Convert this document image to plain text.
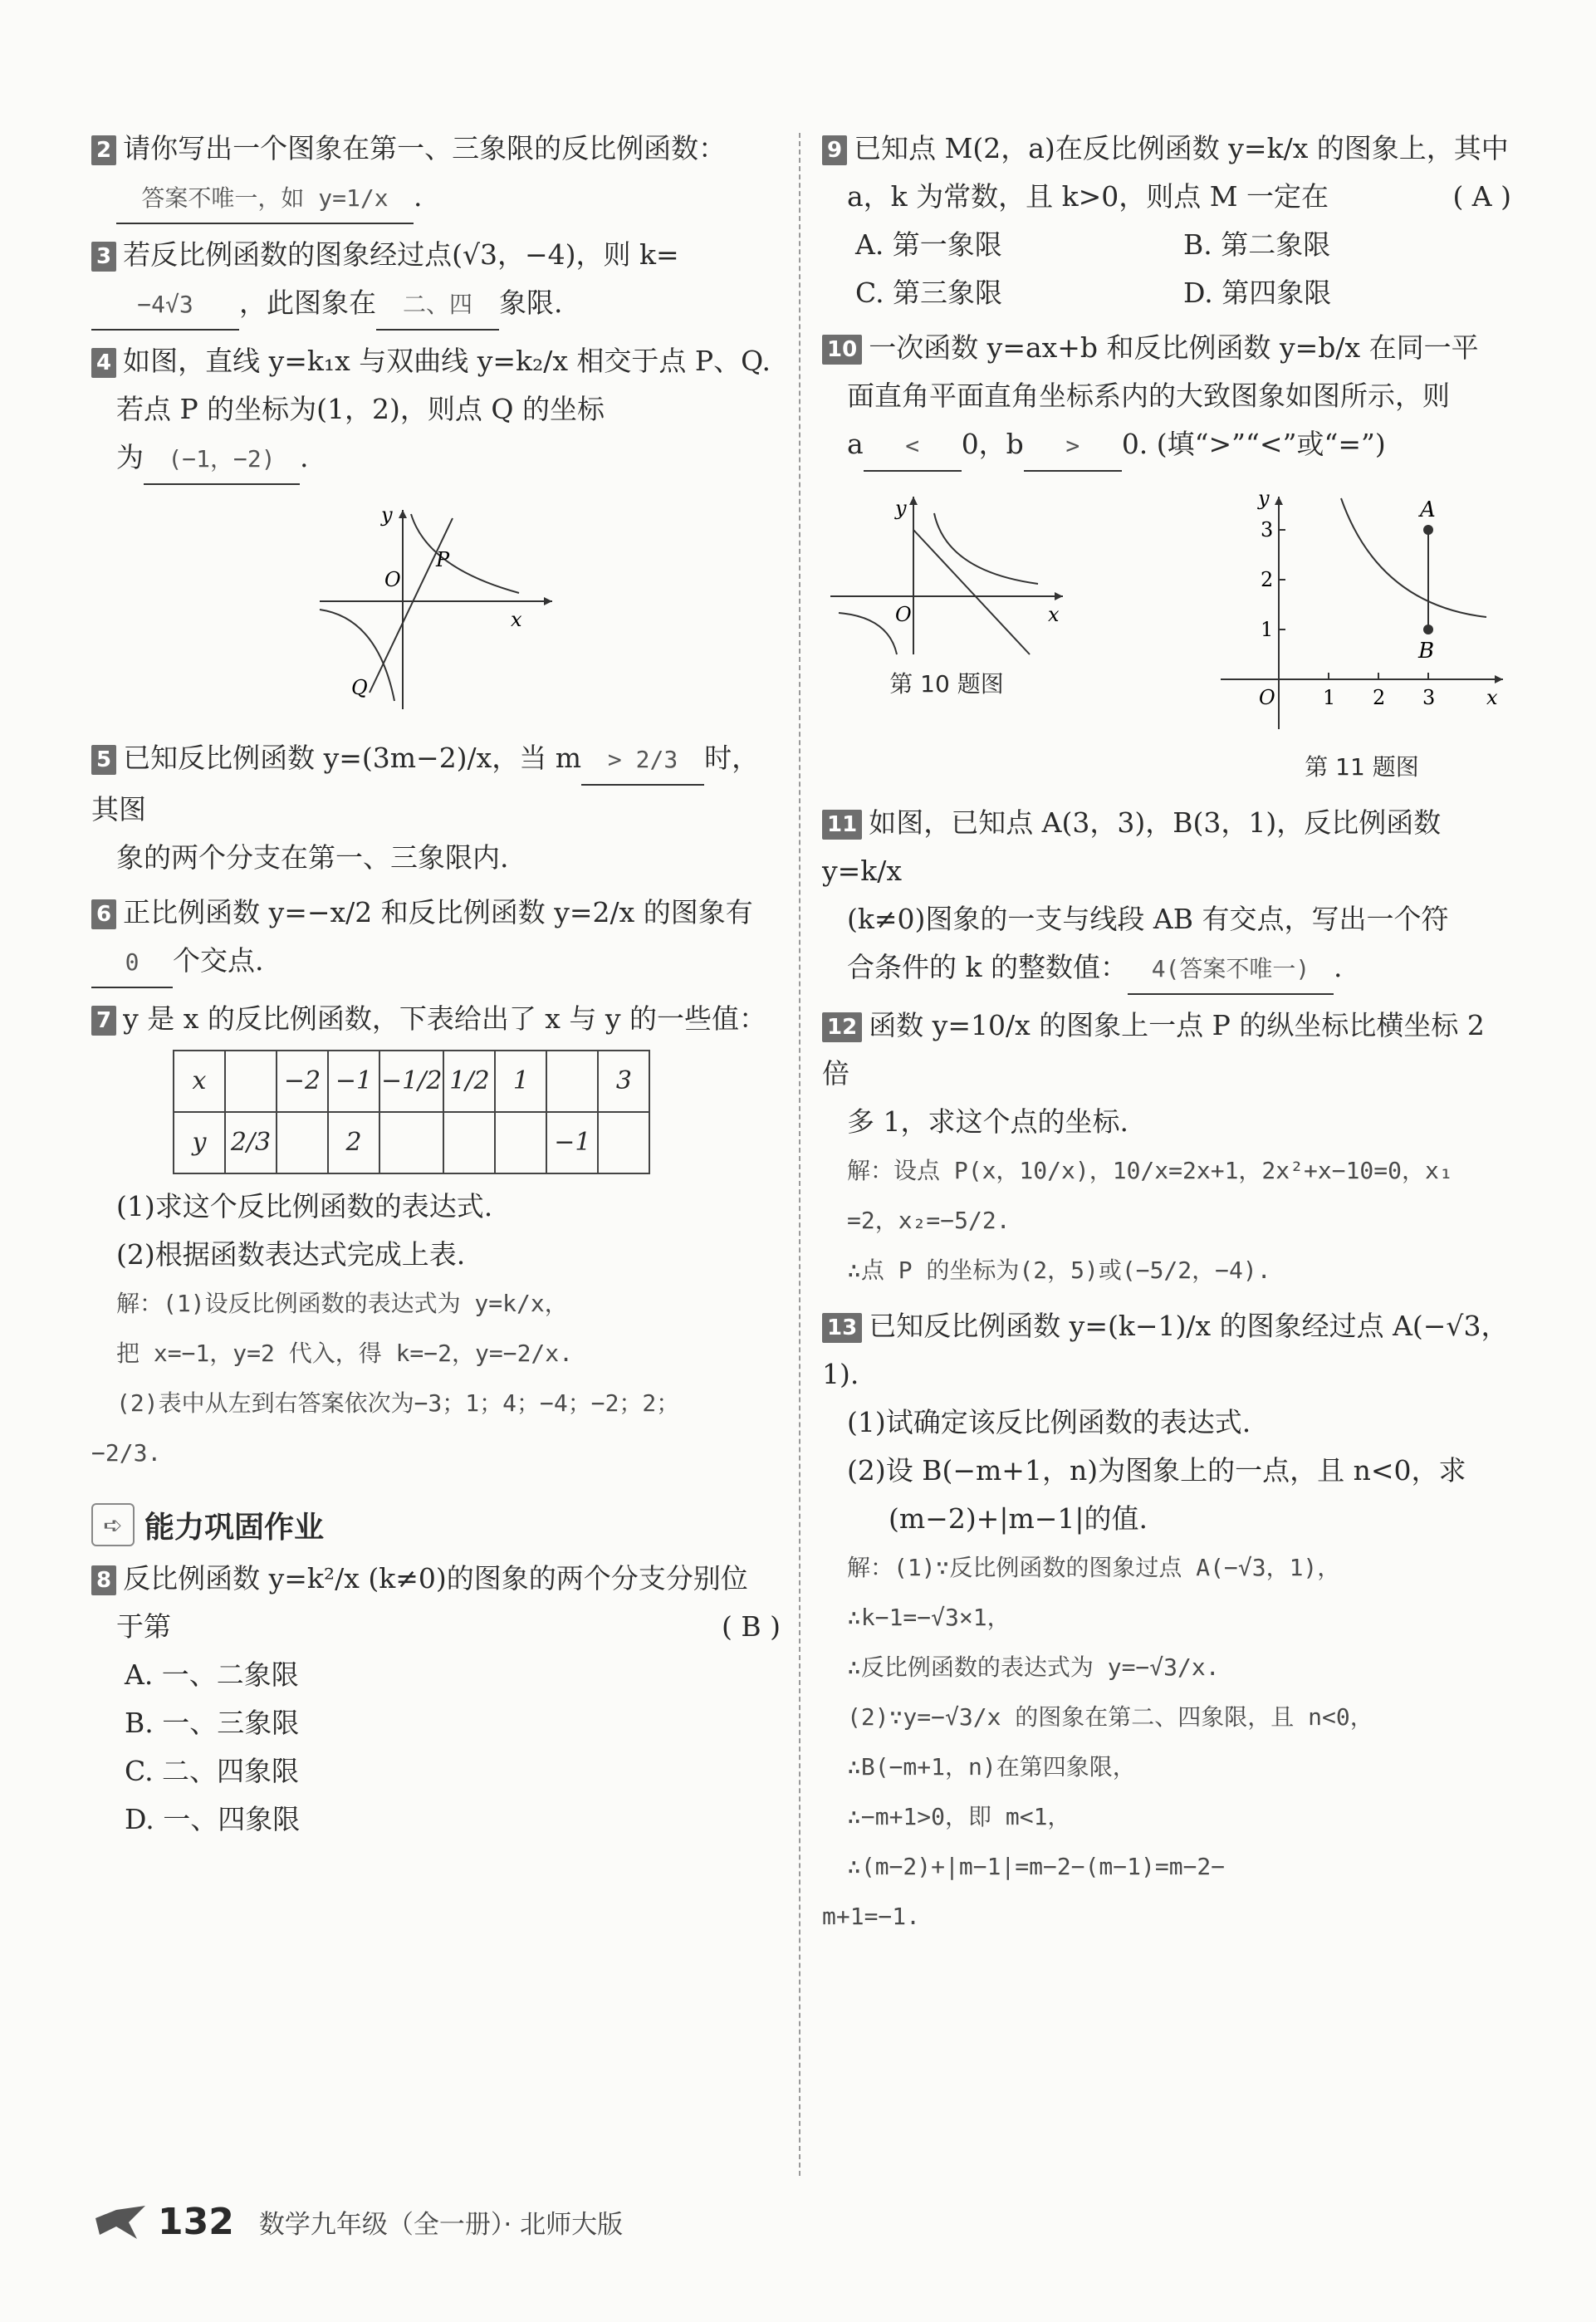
2 请你写出一个图象在第一、三象限的反比例函数：
答案不唯一，如 y=1/x .
3 若反比例函数的图象经过点(√3，−4)，则 k=
−4√3 ，此图象在 二、四 象限.
4 如图，直线 y=k₁x 与双曲线 y=k₂/x 相交于点 P、Q.
若点 P 的坐标为(1，2)，则点 Q 的坐标
为 (−1，−2) .
y
O
x
P
Q
5 已知反比例函数 y=(3m−2)/x，当 m > 2/3 时，其图
象的两个分支在第一、三象限内.
6 正比例函数 y=−x/2 和反比例函数 y=2/x 的图象有
0 个交点.
7 y 是 x 的反比例函数，下表给出了 x 与 y 的一些值：
x		−2	−1	−1/2	1/2	1		3
y	2/3		2				−1	
(1)求这个反比例函数的表达式.
(2)根据函数表达式完成上表.
解：(1)设反比例函数的表达式为 y=k/x，
把 x=−1，y=2 代入，得 k=−2，y=−2/x.
(2)表中从左到右答案依次为−3；1；4；−4；−2；2；
−2/3.
➪ 能力巩固作业
8 反比例函数 y=k²/x (k≠0)的图象的两个分支分别位
于第	( B )
A. 一、二象限
B. 一、三象限
C. 二、四象限
D. 一、四象限
9 已知点 M(2，a)在反比例函数 y=k/x 的图象上，其中
a，k 为常数，且 k>0，则点 M 一定在	( A )
A. 第一象限	B. 第二象限
C. 第三象限	D. 第四象限
10 一次函数 y=ax+b 和反比例函数 y=b/x 在同一平
面直角平面直角坐标系内的大致图象如图所示，则
a < 0，b > 0. (填“>”“<”或“=”)
y
O	x
第 10 题图
y
O	x
1 2 3
1
2
3
A
B
第 11 题图
11 如图，已知点 A(3，3)，B(3，1)，反比例函数 y=k/x
(k≠0)图象的一支与线段 AB 有交点，写出一个符
合条件的 k 的整数值： 4(答案不唯一) .
12 函数 y=10/x 的图象上一点 P 的纵坐标比横坐标 2 倍
多 1，求这个点的坐标.
解：设点 P(x，10/x)，10/x=2x+1，2x²+x−10=0，x₁
=2，x₂=−5/2.
∴点 P 的坐标为(2，5)或(−5/2，−4).
13 已知反比例函数 y=(k−1)/x 的图象经过点 A(−√3，1).

(1)试确定该反比例函数的表达式.
(2)设 B(−m+1，n)为图象上的一点，且 n<0，求
(m−2)+|m−1|的值.
解：(1)∵反比例函数的图象过点 A(−√3，1)，
∴k−1=−√3×1，
∴反比例函数的表达式为 y=−√3/x.
(2)∵y=−√3/x 的图象在第二、四象限，且 n<0，
∴B(−m+1，n)在第四象限，
∴−m+1>0，即 m<1，
∴(m−2)+|m−1|=m−2−(m−1)=m−2−
m+1=−1.
132 数学九年级（全一册）· 北师大版
